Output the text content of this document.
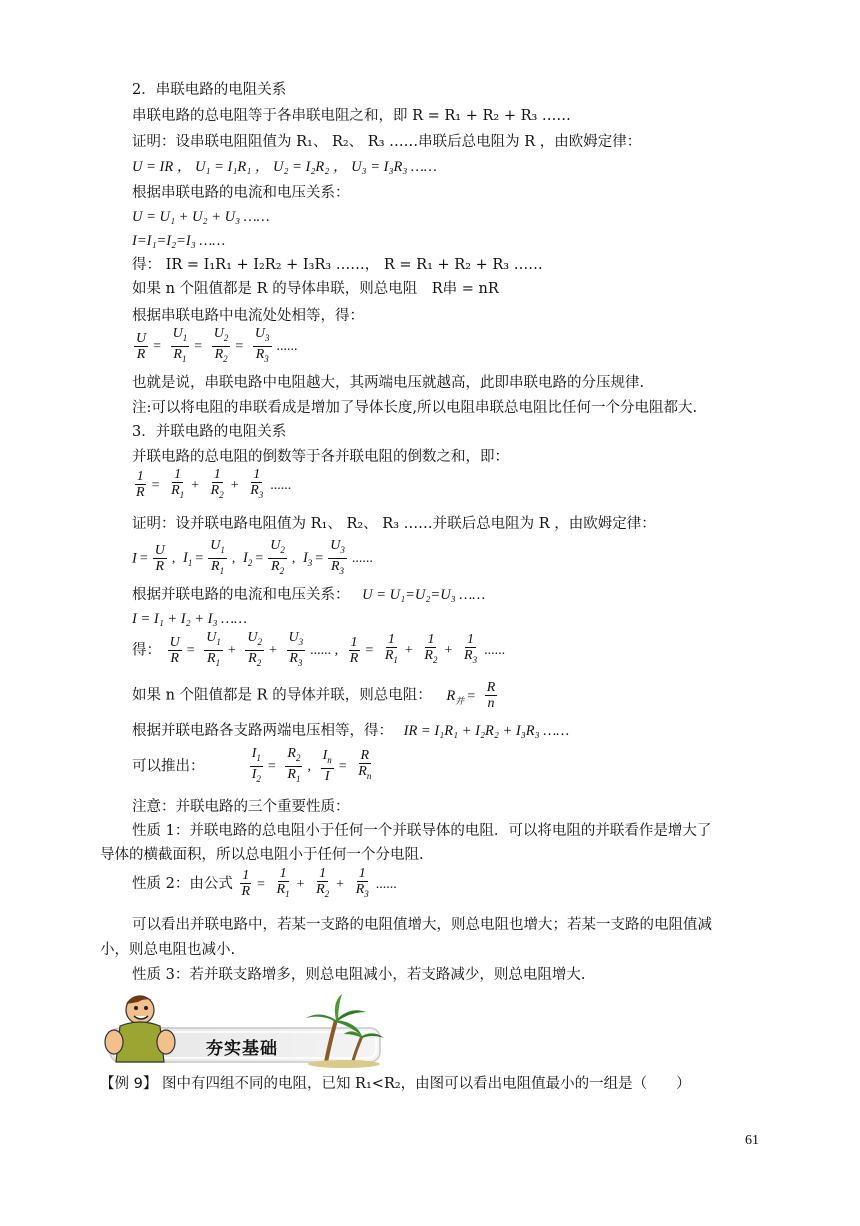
2．串联电路的电阻关系
串联电路的总电阻等于各串联电阻之和，即 R = R₁ + R₂ + R₃ ……
证明：设串联电阻阻值为 R₁、 R₂、 R₃ ……串联后总电阻为 R ，由欧姆定律：
U = IR ， U₁ = I₁R₁ ， U₂ = I₂R₂ ， U₃ = I₃R₃ ……
根据串联电路的电流和电压关系：
U = U₁ + U₂ + U₃ ……
I=I₁=I₂=I₃ ……
得： IR = I₁R₁ + I₂R₂ + I₃R₃ ……， R = R₁ + R₂ + R₃ ……
如果 n 个阻值都是 R 的导体串联，则总电阻　R串 = nR
根据串联电路中电流处处相等，得：
$\frac{U}{R} = \frac{U_1}{R_1} = \frac{U_2}{R_2} = \frac{U_3}{R_3}$ ......
也就是说，串联电路中电阻越大，其两端电压就越高，此即串联电路的分压规律.
注:可以将电阻的串联看成是增加了导体长度,所以电阻串联总电阻比任何一个分电阻都大.
3．并联电路的电阻关系
并联电路的总电阻的倒数等于各并联电阻的倒数之和，即：
$\frac{1}{R} = \frac{1}{R_1} + \frac{1}{R_2} + \frac{1}{R_3}$ ......
证明：设并联电路电阻值为 R₁、 R₂、 R₃ ……并联后总电阻为 R ，由欧姆定律：
$I = \frac{U}{R}$ , $I_1 = \frac{U_1}{R_1}$ , $I_2 = \frac{U_2}{R_2}$ , $I_3 = \frac{U_3}{R_3}$ ......
根据并联电路的电流和电压关系： U = U₁=U₂=U₃ ……
I = I₁ + I₂ + I₃ ……
得： $\frac{U}{R} = \frac{U_1}{R_1} + \frac{U_2}{R_2} + \frac{U_3}{R_3}$ ...... , $\frac{1}{R} = \frac{1}{R_1} + \frac{1}{R_2} + \frac{1}{R_3}$ ......
如果 n 个阻值都是 R 的导体并联，则总电阻： $R_并 = \frac{R}{n}$
根据并联电路各支路两端电压相等，得： IR = I₁R₁ + I₂R₂ + I₃R₃ ……
可以推出：	$\frac{I_1}{I_2} = \frac{R_2}{R_1}$ , $\frac{I_n}{I} = \frac{R}{R_n}$
注意：并联电路的三个重要性质：
性质 1：并联电路的总电阻小于任何一个并联导体的电阻．可以将电阻的并联看作是增大了
导体的横截面积，所以总电阻小于任何一个分电阻.
性质 2：由公式 $\frac{1}{R} = \frac{1}{R_1} + \frac{1}{R_2} + \frac{1}{R_3}$ ......
可以看出并联电路中，若某一支路的电阻值增大，则总电阻也增大；若某一支路的电阻值减
小，则总电阻也减小.
性质 3：若并联支路增多，则总电阻减小，若支路减少，则总电阻增大.
夯实基础
【例 9】 图中有四组不同的电阻，已知 R₁<R₂，由图可以看出电阻值最小的一组是（　　）
61
